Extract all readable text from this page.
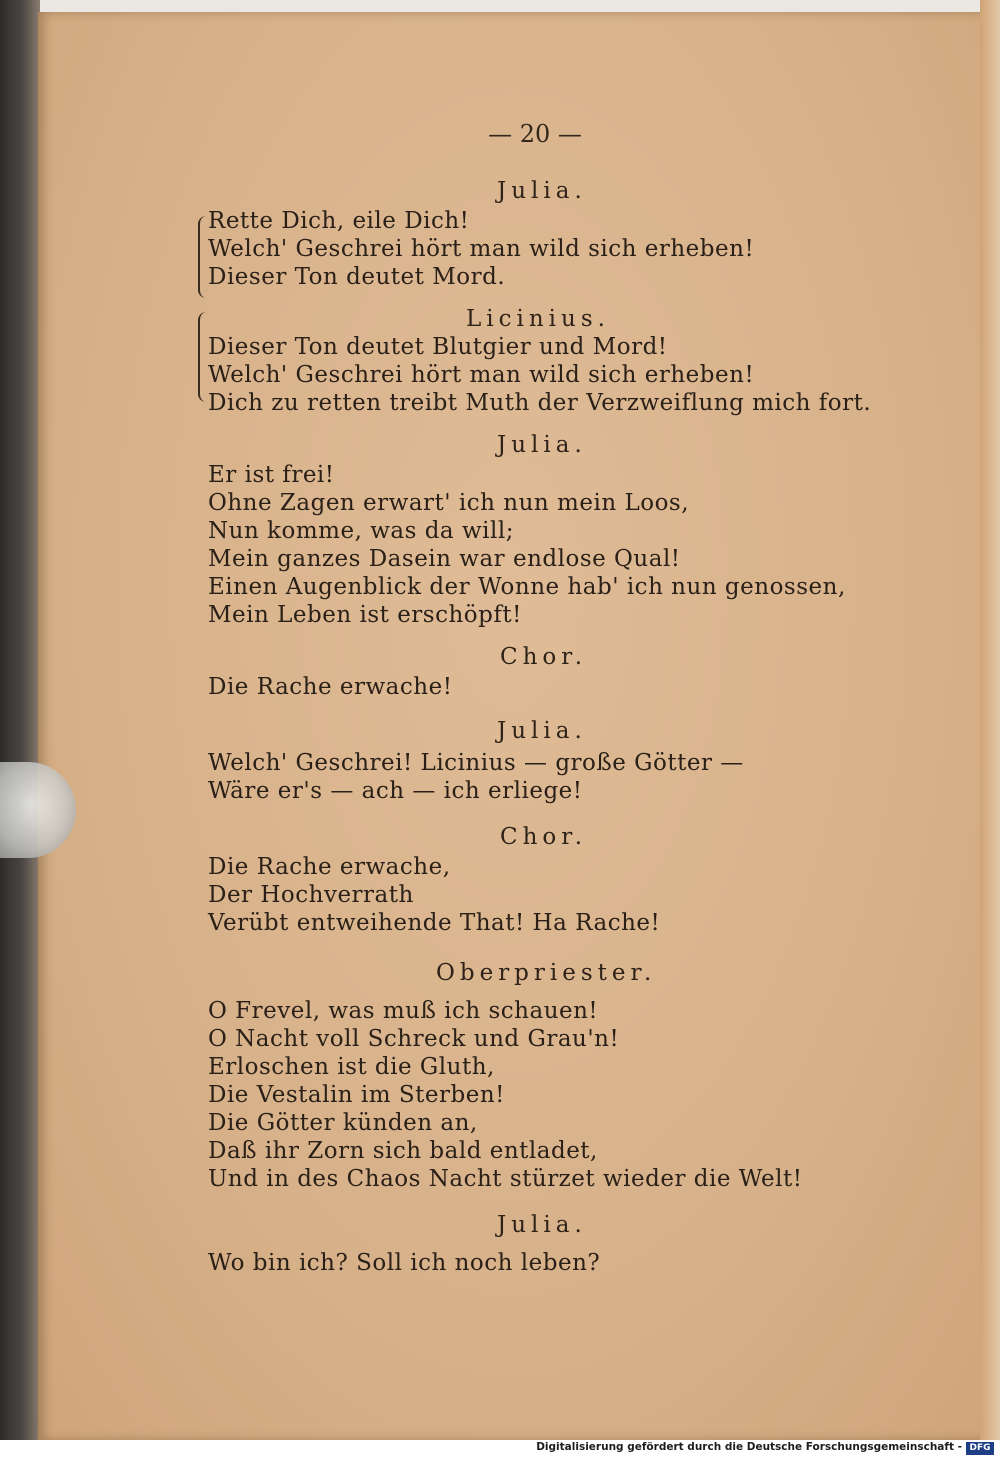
— 20 —
Julia.
Rette Dich, eile Dich!
Welch' Geschrei hört man wild sich erheben!
Dieser Ton deutet Mord.
Licinius.
Dieser Ton deutet Blutgier und Mord!
Welch' Geschrei hört man wild sich erheben!
Dich zu retten treibt Muth der Verzweiflung mich fort.
Julia.
Er ist frei!
Ohne Zagen erwart' ich nun mein Loos,
Nun komme, was da will;
Mein ganzes Dasein war endlose Qual!
Einen Augenblick der Wonne hab' ich nun genossen,
Mein Leben ist erschöpft!
Chor.
Die Rache erwache!
Julia.
Welch' Geschrei! Licinius — große Götter —
Wäre er's — ach — ich erliege!
Chor.
Die Rache erwache,
Der Hochverrath
Verübt entweihende That! Ha Rache!
Oberpriester.
O Frevel, was muß ich schauen!
O Nacht voll Schreck und Grau'n!
Erloschen ist die Gluth,
Die Vestalin im Sterben!
Die Götter künden an,
Daß ihr Zorn sich bald entladet,
Und in des Chaos Nacht stürzet wieder die Welt!
Julia.
Wo bin ich? Soll ich noch leben?
Digitalisierung gefördert durch die Deutsche Forschungsgemeinschaft - DFG
